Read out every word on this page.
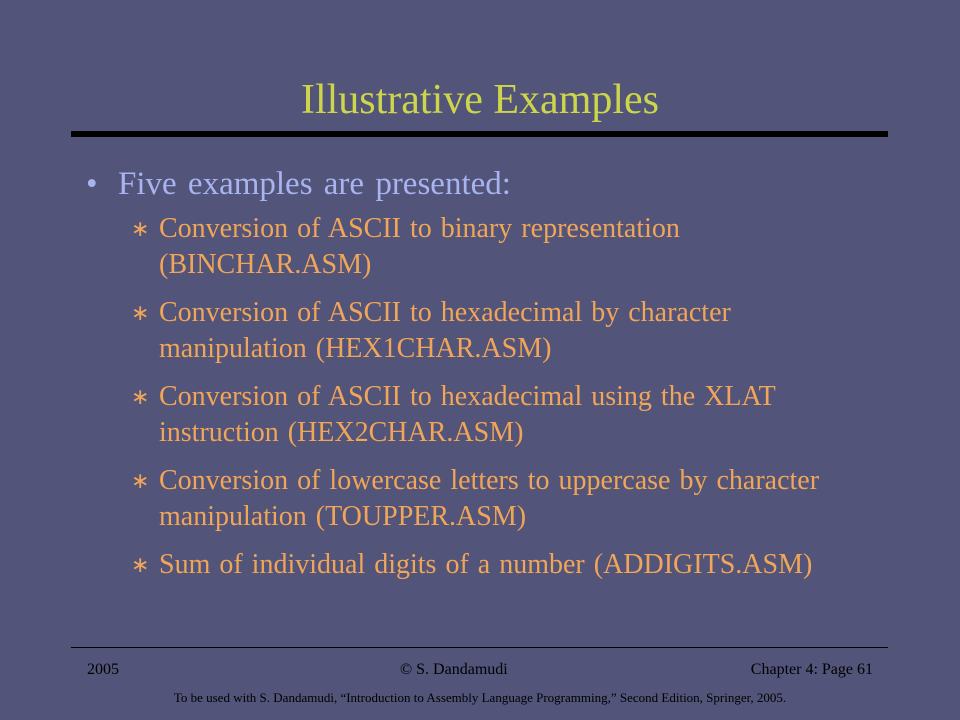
Illustrative Examples
• Five examples are presented:
∗ Conversion of ASCII to binary representation (BINCHAR.ASM)
∗ Conversion of ASCII to hexadecimal by character manipulation (HEX1CHAR.ASM)
∗ Conversion of ASCII to hexadecimal using the XLAT instruction (HEX2CHAR.ASM)
∗ Conversion of lowercase letters to uppercase by character manipulation (TOUPPER.ASM)
∗ Sum of individual digits of a number (ADDIGITS.ASM)
2005	© S. Dandamudi	Chapter 4: Page 61
To be used with S. Dandamudi, “Introduction to Assembly Language Programming,” Second Edition, Springer, 2005.
